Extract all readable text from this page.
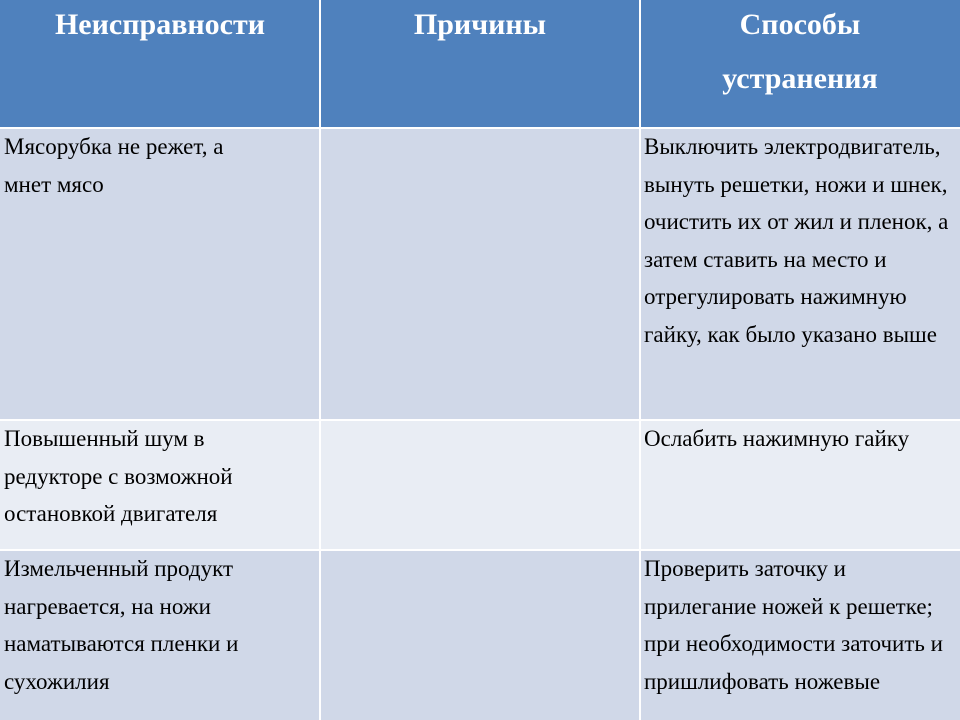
Неисправности	Причины	Способы
устранения
Мясорубка не режет, а мнет мясо
Выключить электродвигатель, вынуть решетки, ножи и шнек, очистить их от жил и пленок, а затем ставить на место и отрегулировать нажимную гайку, как было указано выше
Повышенный шум в редукторе с возможной остановкой двигателя
Ослабить нажимную гайку
Измельченный продукт нагревается, на ножи наматываются пленки и сухожилия
Проверить заточку и прилегание ножей к решетке; при необходимости заточить и пришлифовать ножевые
